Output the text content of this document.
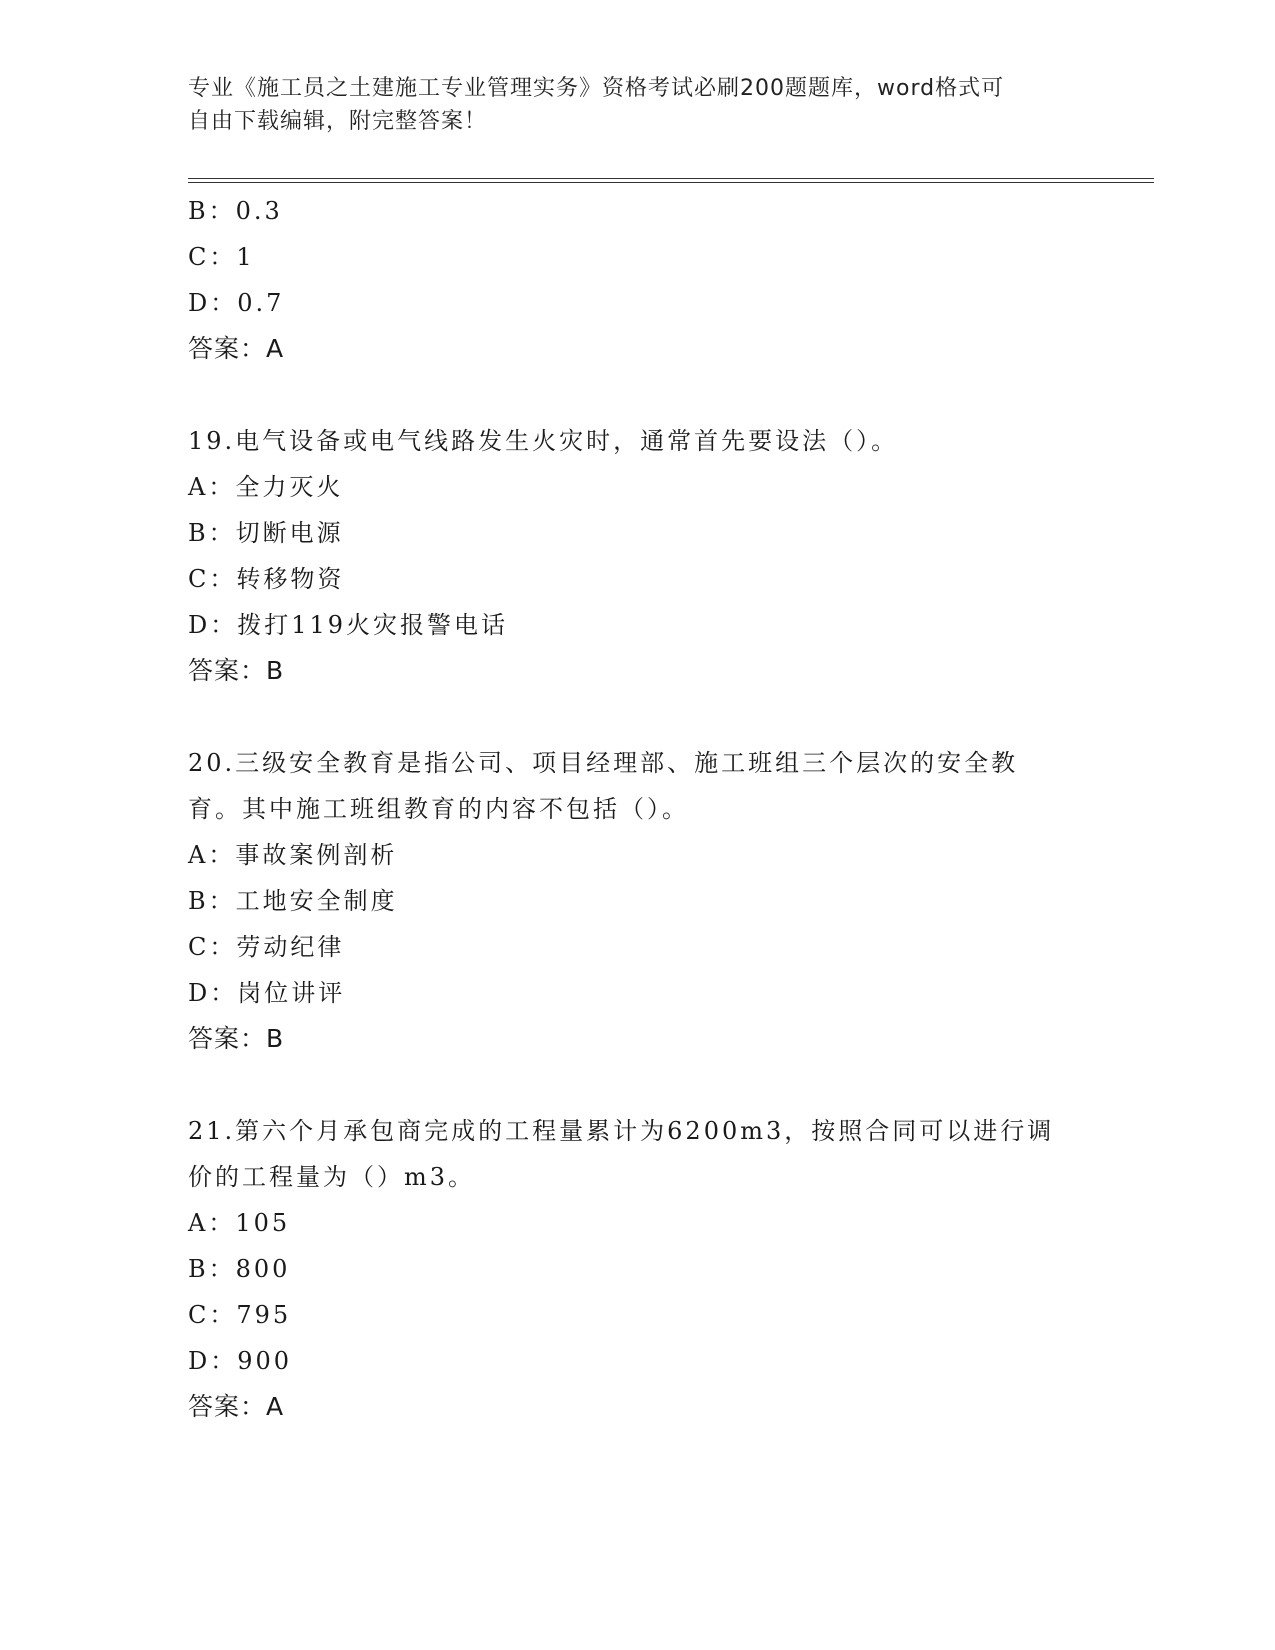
专业《施工员之土建施工专业管理实务》资格考试必刷200题题库，word格式可
自由下载编辑，附完整答案！
B：0.3
C：1
D：0.7
答案：A
19.电气设备或电气线路发生火灾时，通常首先要设法（）。
A：全力灭火
B：切断电源
C：转移物资
D：拨打119火灾报警电话
答案：B
20.三级安全教育是指公司、项目经理部、施工班组三个层次的安全教
育。其中施工班组教育的内容不包括（）。
A：事故案例剖析
B：工地安全制度
C：劳动纪律
D：岗位讲评
答案：B
21.第六个月承包商完成的工程量累计为6200m3，按照合同可以进行调
价的工程量为（）m3。
A：105
B：800
C：795
D：900
答案：A
